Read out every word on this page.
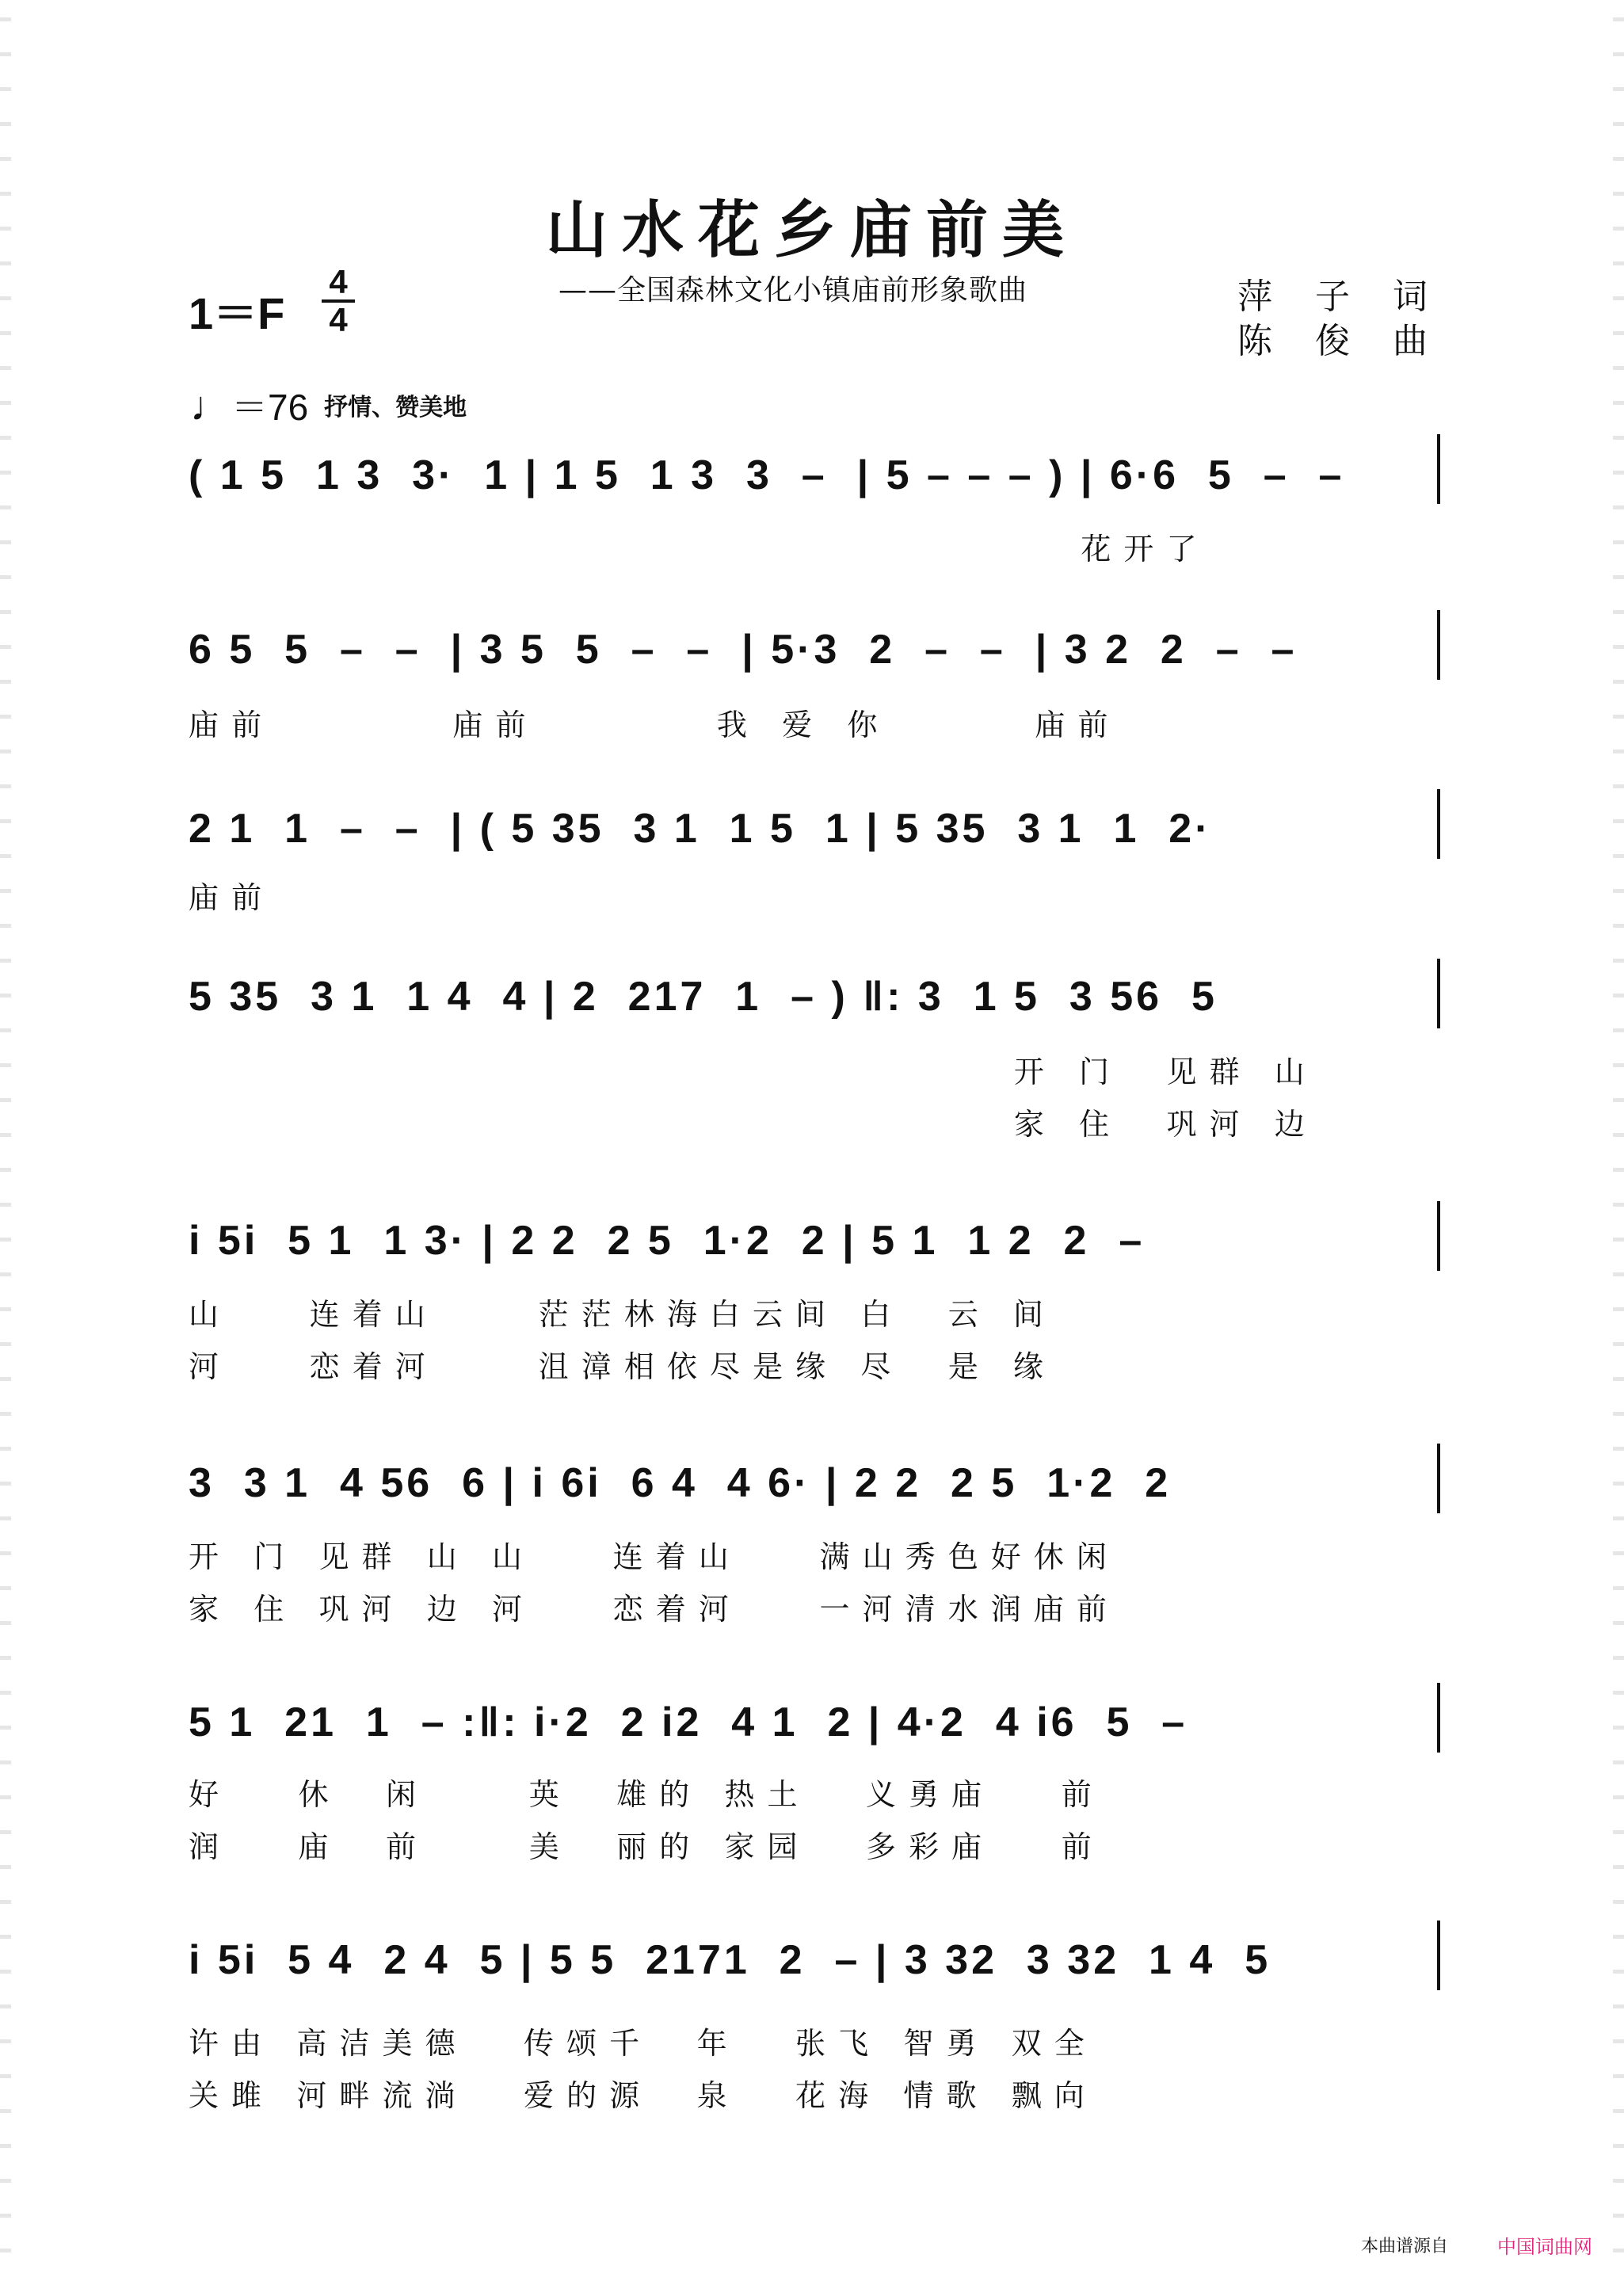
山水花乡庙前美
——全国森林文化小镇庙前形象歌曲
1＝F
4
4
萍 子 词
陈 俊 曲
♩＝76 抒情、赞美地
( 1 5  1 3  3·  1 | 1 5  1 3  3  –  | 5 – – – ) | 6·6  5  –  –
花 开 了
6 5  5  –  –  | 3 5  5  –  –  | 5·3  2  –  –  | 3 2  2  –  –
庙 前                 庙 前                 我   爱   你              庙 前
2 1  1  –  –  | ( 5 35  3 1  1 5  1 | 5 35  3 1  1  2·
庙 前
5 35  3 1  1 4  4 | 2  217  1  – ) ‖: 3  1 5  3 56  5
开   门     见 群   山
家   住     巩 河   边
i 5i  5 1  1 3· | 2 2  2 5  1·2  2 | 5 1  1 2  2  –
山        连 着 山          茫 茫 林 海 白 云 间   白     云   间
河        恋 着 河          沮 漳 相 依 尽 是 缘   尽     是   缘
3  3 1  4 56  6 | i 6i  6 4  4 6· | 2 2  2 5  1·2  2
开   门   见 群   山   山        连 着 山        满 山 秀 色 好 休 闲
家   住   巩 河   边   河        恋 着 河        一 河 清 水 润 庙 前
5 1  21  1  – :‖: i·2  2 i2  4 1  2 | 4·2  4 i6  5  –
好       休     闲          英     雄 的   热 土      义 勇 庙       前
润       庙     前          美     丽 的   家 园      多 彩 庙       前
i 5i  5 4  2 4  5 | 5 5  2171  2  – | 3 32  3 32  1 4  5
许 由   高 洁 美 德      传 颂 千     年      张 飞   智 勇   双 全
关 雎   河 畔 流 淌      爱 的 源     泉      花 海   情 歌   飘 向
本曲谱源自	中国词曲网
